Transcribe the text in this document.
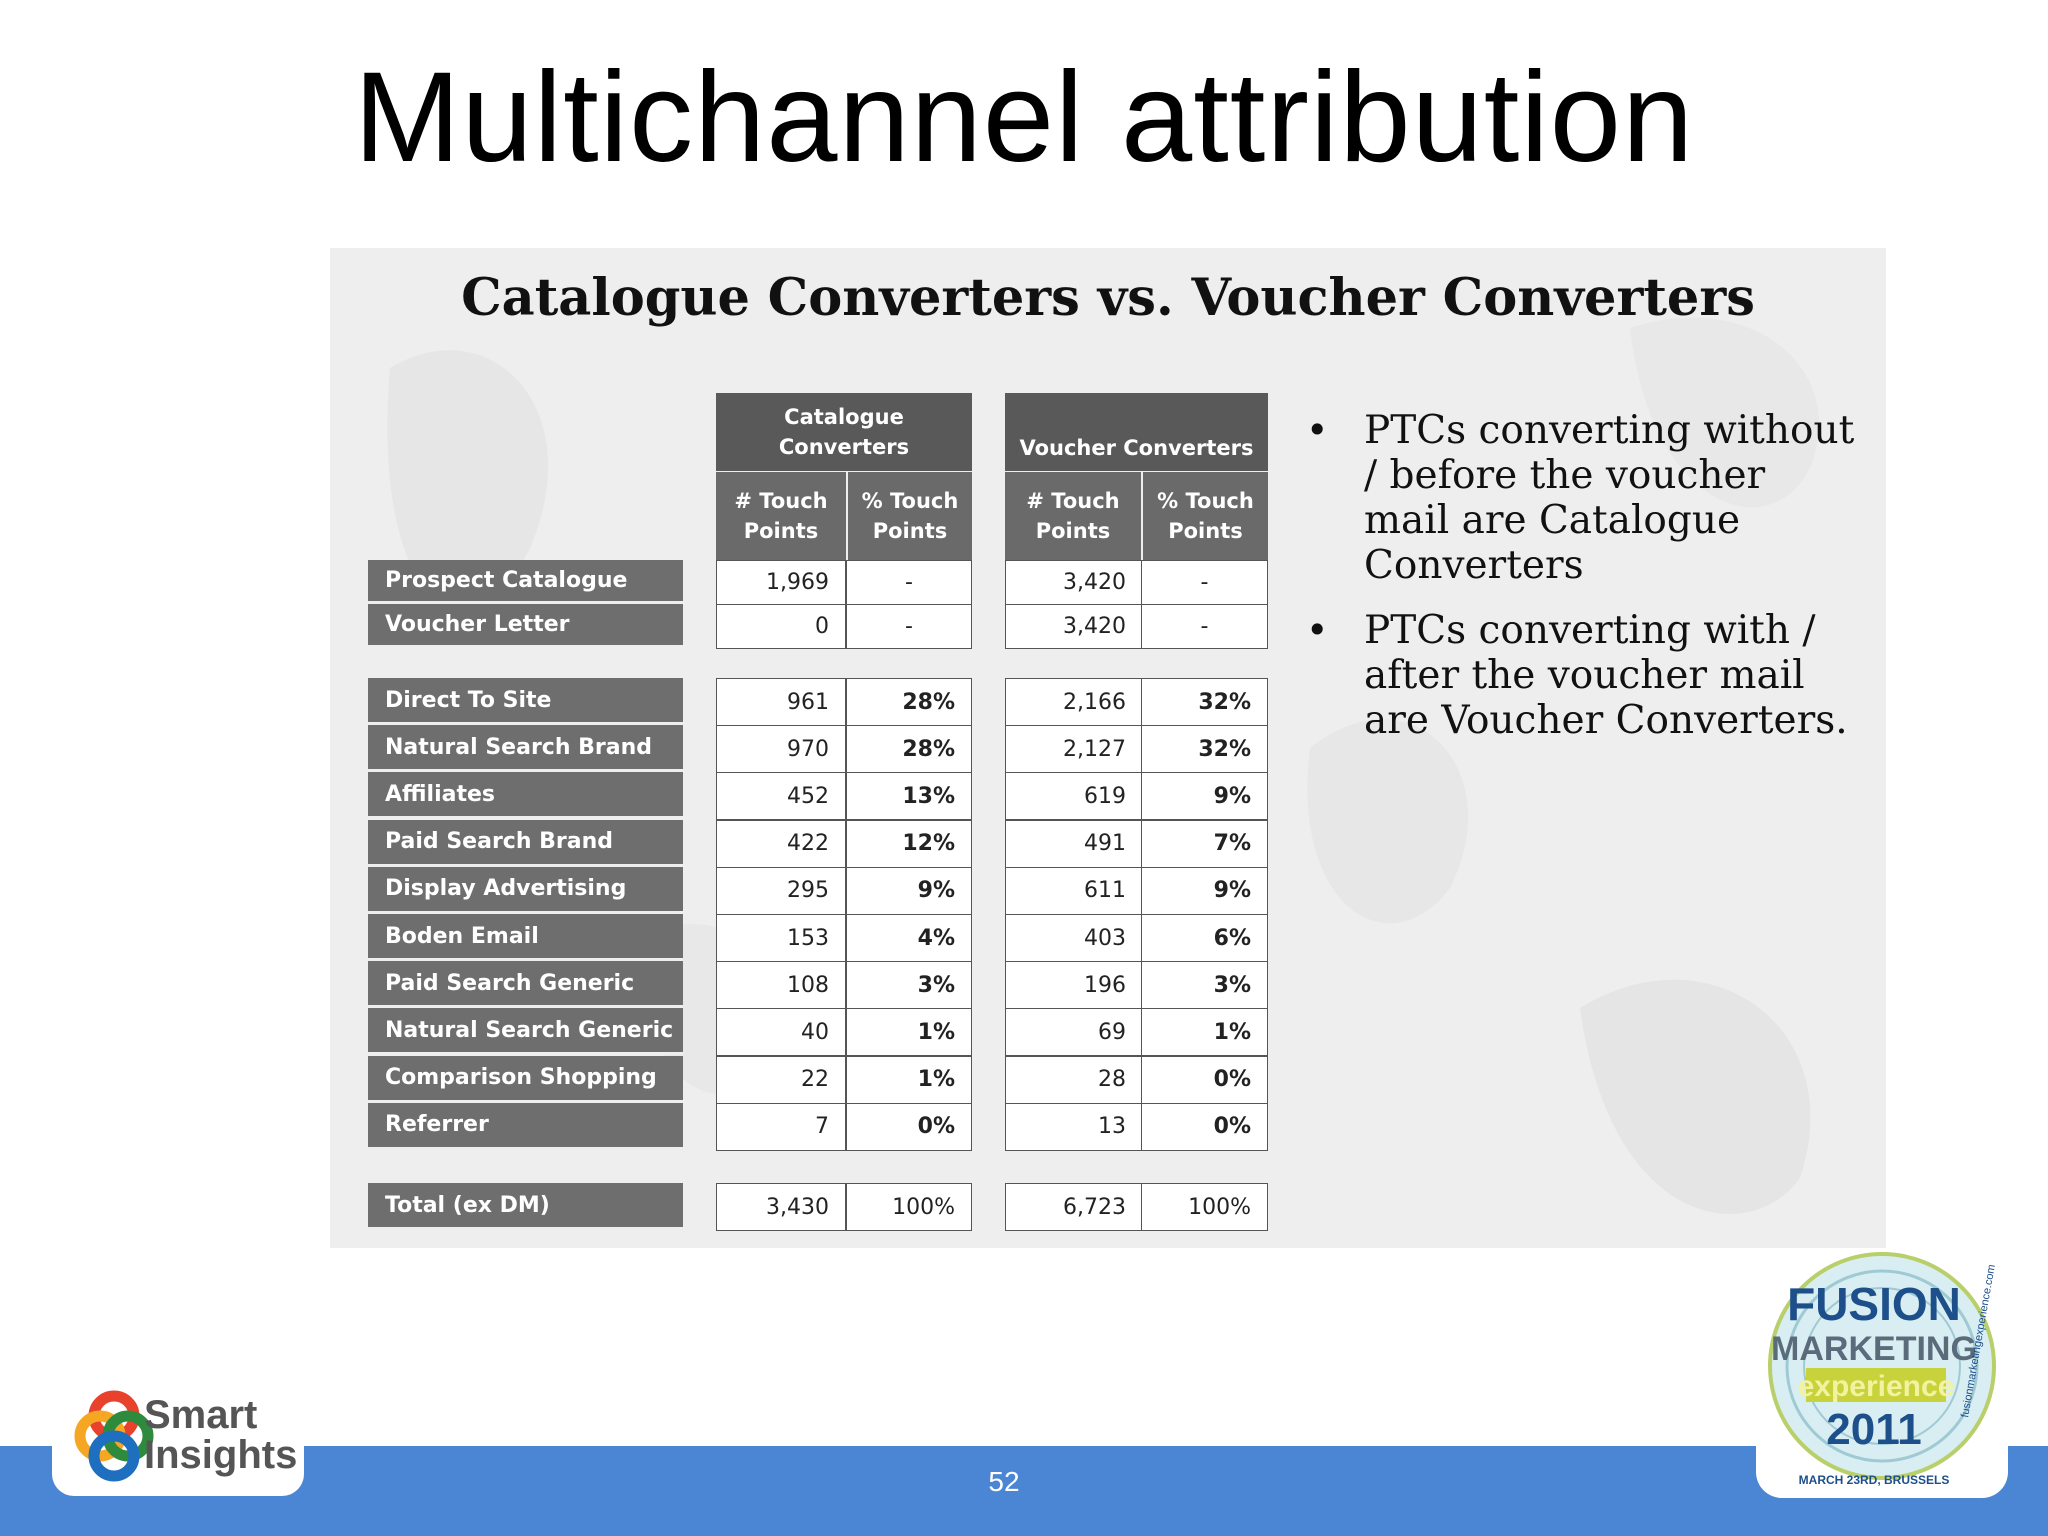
Multichannel attribution
Catalogue Converters vs. Voucher Converters
Catalogue
Converters	Voucher Converters
# Touch
Points
% Touch
Points
# Touch
Points
% Touch
Points
Prospect Catalogue	1,969	-	3,420	-
Voucher Letter	0	-	3,420	-
Direct To Site	961	28%	2,166	32%
Natural Search Brand	970	28%	2,127	32%
Affiliates	452	13%	619	9%
Paid Search Brand	422	12%	491	7%
Display Advertising	295	9%	611	9%
Boden Email	153	4%	403	6%
Paid Search Generic	108	3%	196	3%
Natural Search Generic	40	1%	69	1%
Comparison Shopping	22	1%	28	0%
Referrer	7	0%	13	0%
Total (ex DM)	3,430	100%	6,723	100%
• PTCs converting without / before the voucher mail are Catalogue Converters
• PTCs converting with / after the voucher mail are Voucher Converters.
52
Smart
Insights
FUSION
MARKETING
experience
2011
MARCH 23RD, BRUSSELS
fusionmarketingexperience.com
